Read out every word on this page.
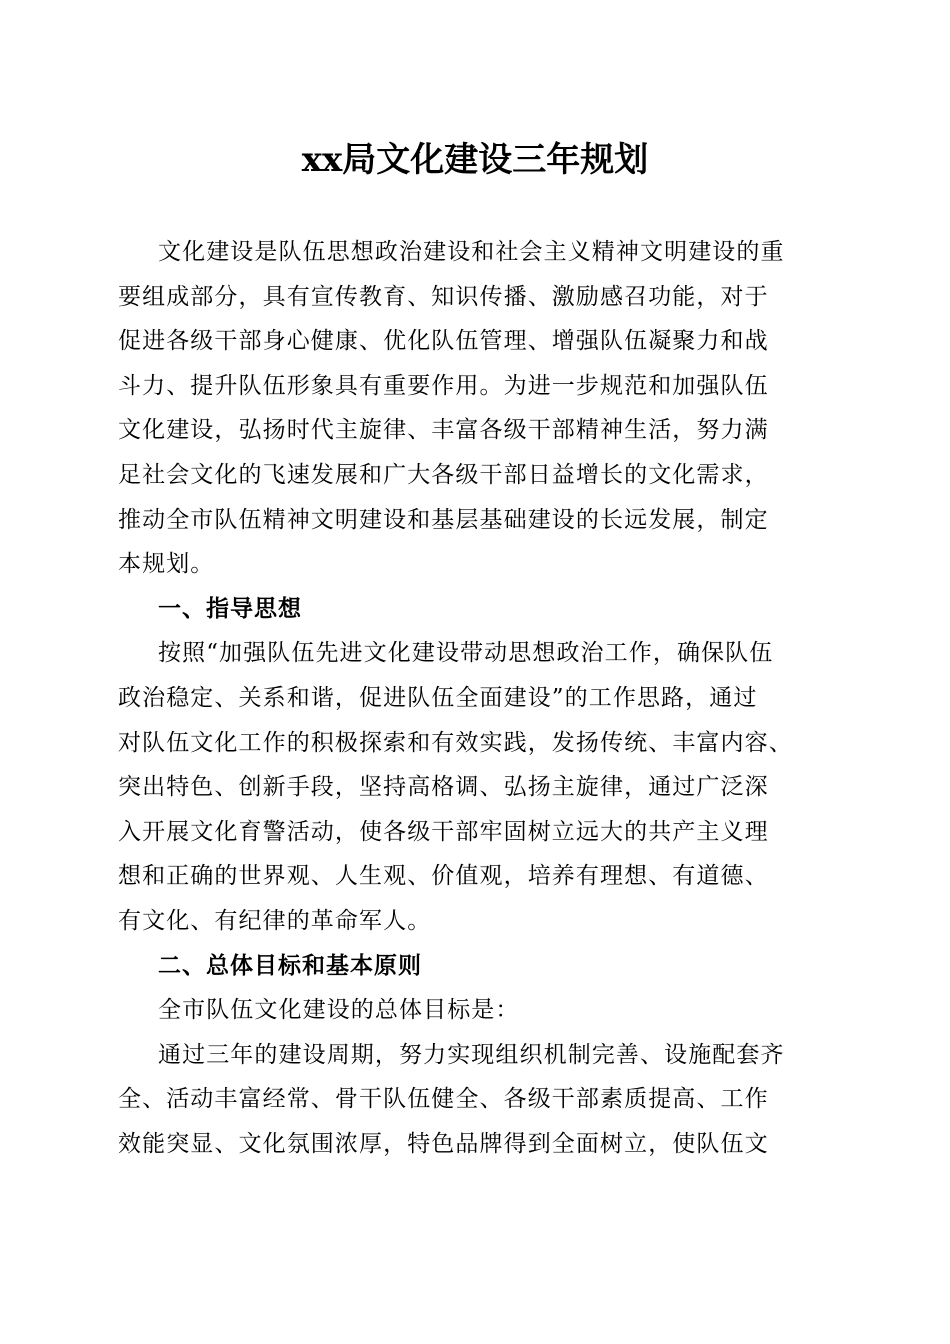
xx局文化建设三年规划
文化建设是队伍思想政治建设和社会主义精神文明建设的重
要组成部分，具有宣传教育、知识传播、激励感召功能，对于
促进各级干部身心健康、优化队伍管理、增强队伍凝聚力和战
斗力、提升队伍形象具有重要作用。为进一步规范和加强队伍
文化建设，弘扬时代主旋律、丰富各级干部精神生活，努力满
足社会文化的飞速发展和广大各级干部日益增长的文化需求，
推动全市队伍精神文明建设和基层基础建设的长远发展，制定
本规划。
一、指导思想
按照“加强队伍先进文化建设带动思想政治工作，确保队伍
政治稳定、关系和谐，促进队伍全面建设”的工作思路，通过
对队伍文化工作的积极探索和有效实践，发扬传统、丰富内容、
突出特色、创新手段，坚持高格调、弘扬主旋律，通过广泛深
入开展文化育警活动，使各级干部牢固树立远大的共产主义理
想和正确的世界观、人生观、价值观，培养有理想、有道德、
有文化、有纪律的革命军人。
二、总体目标和基本原则
全市队伍文化建设的总体目标是：
通过三年的建设周期，努力实现组织机制完善、设施配套齐
全、活动丰富经常、骨干队伍健全、各级干部素质提高、工作
效能突显、文化氛围浓厚，特色品牌得到全面树立，使队伍文
